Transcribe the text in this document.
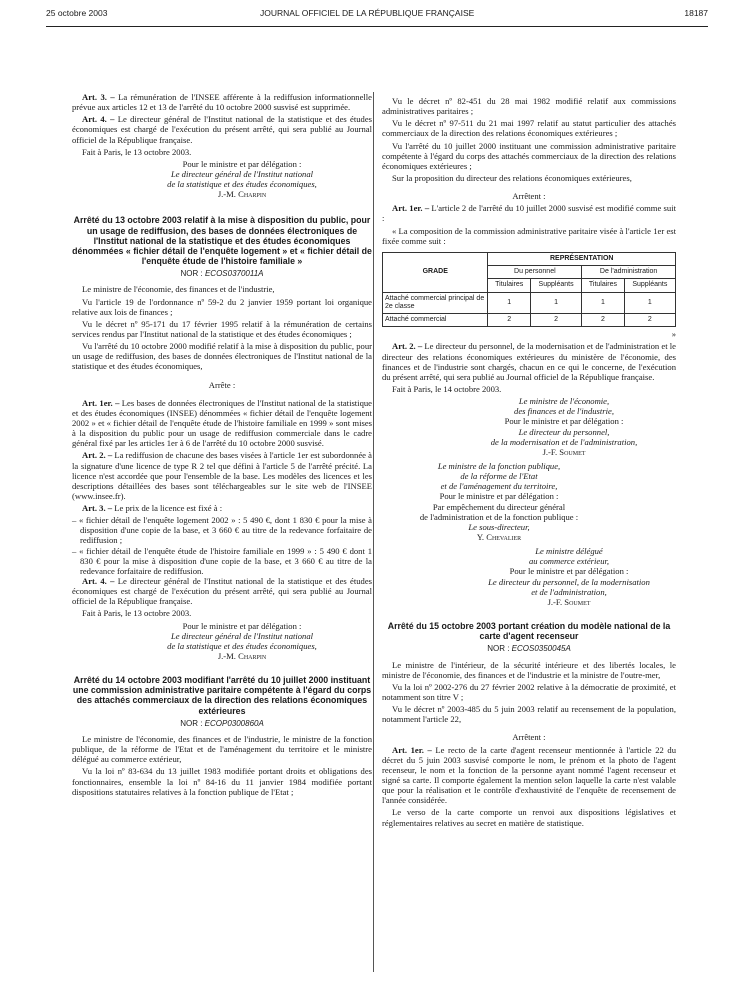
25 octobre 2003	JOURNAL OFFICIEL DE LA RÉPUBLIQUE FRANÇAISE	18187

Art. 3. – La rémunération de l'INSEE afférente à la rediffusion informationnelle prévue aux articles 12 et 13 de l'arrêté du 10 octobre 2000 susvisé est supprimée.

Art. 4. – Le directeur général de l'Institut national de la statistique et des études économiques est chargé de l'exécution du présent arrêté, qui sera publié au Journal officiel de la République française.

Fait à Paris, le 13 octobre 2003.

Pour le ministre et par délégation :

Le directeur général de l'Institut national

de la statistique et des études économiques,

J.-M. Charpin

Arrêté du 13 octobre 2003 relatif à la mise à disposition du public, pour un usage de rediffusion, des bases de données électroniques de l'Institut national de la statistique et des études économiques dénommées « fichier détail de l'enquête logement » et « fichier détail de l'enquête étude de l'histoire familiale »

NOR : ECOS0370011A

Le ministre de l'économie, des finances et de l'industrie,

Vu l'article 19 de l'ordonnance nº 59-2 du 2 janvier 1959 portant loi organique relative aux lois de finances ;

Vu le décret nº 95-171 du 17 février 1995 relatif à la rémunération de certains services rendus par l'Institut national de la statistique et des études économiques ;

Vu l'arrêté du 10 octobre 2000 modifié relatif à la mise à disposition du public, pour un usage de rediffusion, des bases de données électroniques de l'Institut national de la statistique et des études économiques,

Arrête :

Art. 1er. – Les bases de données électroniques de l'Institut national de la statistique et des études économiques (INSEE) dénommées « fichier détail de l'enquête logement 2002 » et « fichier détail de l'enquête étude de l'histoire familiale en 1999 » sont mises à la disposition du public pour un usage de rediffusion commerciale dans le cadre général fixé par les articles 1er à 6 de l'arrêté du 10 octobre 2000 susvisé.

Art. 2. – La rediffusion de chacune des bases visées à l'article 1er est subordonnée à la signature d'une licence de type R 2 tel que défini à l'article 5 de l'arrêté précité. La licence n'est accordée que pour l'ensemble de la base. Les modèles des licences et les descriptions détaillées des bases sont téléchargeables sur le site web de l'INSEE (www.insee.fr).

Art. 3. – Le prix de la licence est fixé à :

– « fichier détail de l'enquête logement 2002 » : 5 490 €, dont 1 830 € pour la mise à disposition d'une copie de la base, et 3 660 € au titre de la redevance forfaitaire de rediffusion ;
– « fichier détail de l'enquête étude de l'histoire familiale en 1999 » : 5 490 € dont 1 830 € pour la mise à disposition d'une copie de la base, et 3 660 € au titre de la redevance forfaitaire de rediffusion.

Art. 4. – Le directeur général de l'Institut national de la statistique et des études économiques est chargé de l'exécution du présent arrêté, qui sera publié au Journal officiel de la République française.

Fait à Paris, le 13 octobre 2003.

Pour le ministre et par délégation :

Le directeur général de l'Institut national

de la statistique et des études économiques,

J.-M. Charpin

Arrêté du 14 octobre 2003 modifiant l'arrêté du 10 juillet 2000 instituant une commission administrative paritaire compétente à l'égard du corps des attachés commerciaux de la direction des relations économiques extérieures

NOR : ECOP0300860A

Le ministre de l'économie, des finances et de l'industrie, le ministre de la fonction publique, de la réforme de l'Etat et de l'aménagement du territoire et le ministre délégué au commerce extérieur,

Vu la loi nº 83-634 du 13 juillet 1983 modifiée portant droits et obligations des fonctionnaires, ensemble la loi nº 84-16 du 11 janvier 1984 modifiée portant dispositions statutaires relatives à la fonction publique de l'Etat ;

Vu le décret nº 82-451 du 28 mai 1982 modifié relatif aux commissions administratives paritaires ;

Vu le décret nº 97-511 du 21 mai 1997 relatif au statut particulier des attachés commerciaux de la direction des relations économiques extérieures ;

Vu l'arrêté du 10 juillet 2000 instituant une commission administrative paritaire compétente à l'égard du corps des attachés commerciaux de la direction des relations économiques extérieures ;

Sur la proposition du directeur des relations économiques extérieures,

Arrêtent :

Art. 1er. – L'article 2 de l'arrêté du 10 juillet 2000 susvisé est modifié comme suit :

« La composition de la commission administrative paritaire visée à l'article 1er est fixée comme suit :

GRADE	REPRÉSENTATION			
	Du personnel		De l'administration	
	Titulaires	Suppléants	Titulaires	Suppléants
Attaché commercial principal de 2e classe	1	1	1	1
Attaché commercial	2	2	2	2

»

Art. 2. – Le directeur du personnel, de la modernisation et de l'administration et le directeur des relations économiques extérieures du ministère de l'économie, des finances et de l'industrie sont chargés, chacun en ce qui le concerne, de l'exécution du présent arrêté, qui sera publié au Journal officiel de la République française.

Fait à Paris, le 14 octobre 2003.

Le ministre de l'économie,

des finances et de l'industrie,

Pour le ministre et par délégation :

Le directeur du personnel,

de la modernisation et de l'administration,

J.-F. Soumet

Le ministre de la fonction publique,

de la réforme de l'Etat

et de l'aménagement du territoire,

Pour le ministre et par délégation :

Par empêchement du directeur général

de l'administration et de la fonction publique :

Le sous-directeur,

Y. Chevalier

Le ministre délégué

au commerce extérieur,

Pour le ministre et par délégation :

Le directeur du personnel, de la modernisation

et de l'administration,

J.-F. Soumet

Arrêté du 15 octobre 2003 portant création du modèle national de la carte d'agent recenseur

NOR : ECOS0350045A

Le ministre de l'intérieur, de la sécurité intérieure et des libertés locales, le ministre de l'économie, des finances et de l'industrie et la ministre de l'outre-mer,

Vu la loi nº 2002-276 du 27 février 2002 relative à la démocratie de proximité, et notamment son titre V ;

Vu le décret nº 2003-485 du 5 juin 2003 relatif au recensement de la population, notamment l'article 22,

Arrêtent :

Art. 1er. – Le recto de la carte d'agent recenseur mentionnée à l'article 22 du décret du 5 juin 2003 susvisé comporte le nom, le prénom et la photo de l'agent recenseur, le nom et la fonction de la personne ayant nommé l'agent recenseur et signé sa carte. Il comporte également la mention selon laquelle la carte n'est valable que pour la réalisation et le contrôle d'exhaustivité de l'enquête de recensement de l'année considérée.

Le verso de la carte comporte un renvoi aux dispositions législatives et réglementaires relatives au secret en matière de statistique.
